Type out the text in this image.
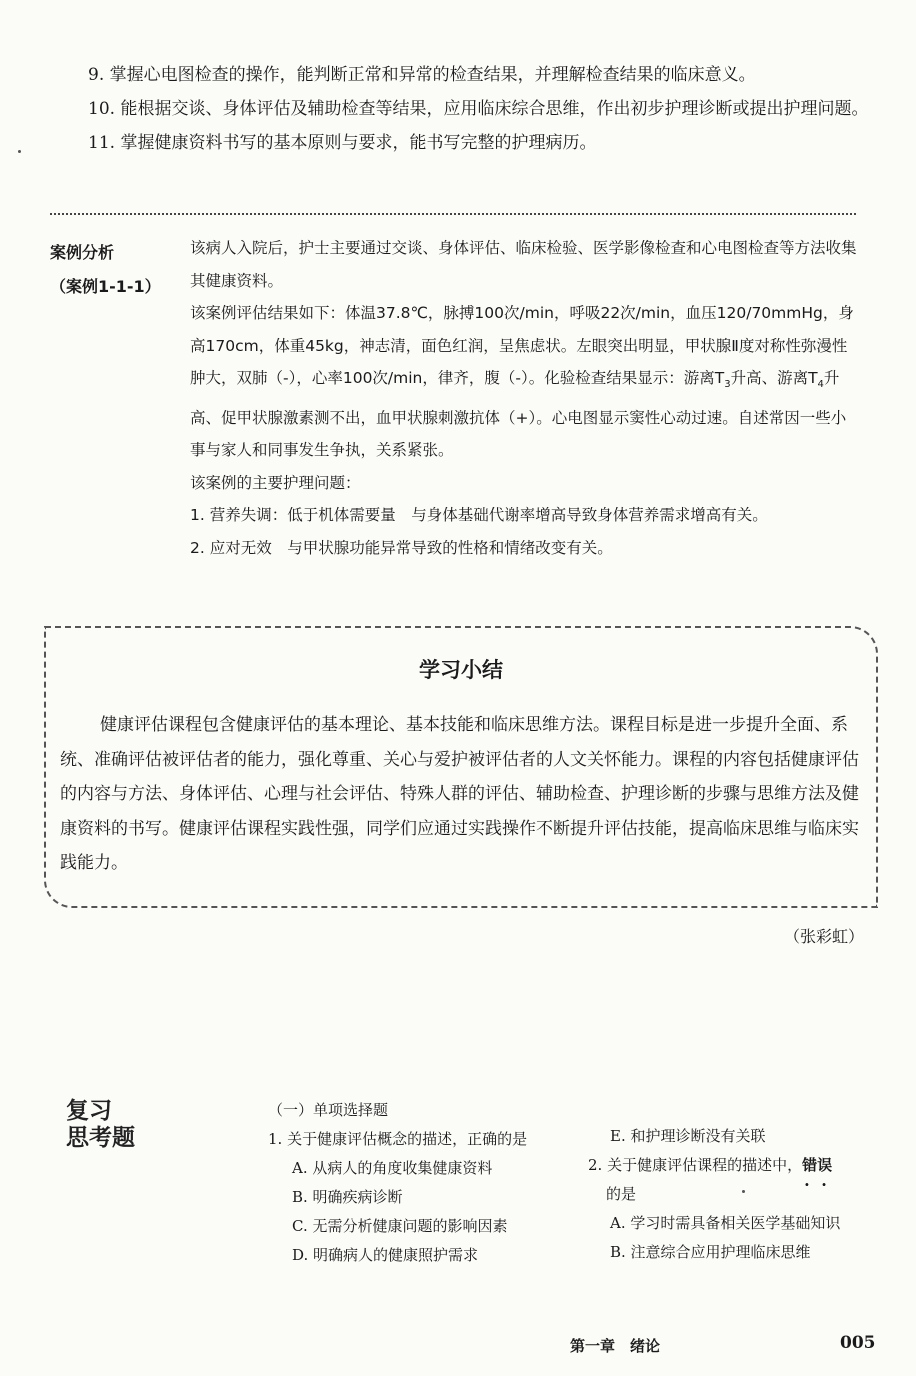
9. 掌握心电图检查的操作，能判断正常和异常的检查结果，并理解检查结果的临床意义。

10. 能根据交谈、身体评估及辅助检查等结果，应用临床综合思维，作出初步护理诊断或提出护理问题。

11. 掌握健康资料书写的基本原则与要求，能书写完整的护理病历。

案例分析
（案例1-1-1）

该病人入院后，护士主要通过交谈、身体评估、临床检验、医学影像检查和心电图检查等方法收集其健康资料。

该案例评估结果如下：体温37.8℃，脉搏100次/min，呼吸22次/min，血压120/70mmHg，身高170cm，体重45kg，神志清，面色红润，呈焦虑状。左眼突出明显，甲状腺Ⅱ度对称性弥漫性肿大，双肺（-），心率100次/min，律齐，腹（-）。化验检查结果显示：游离$T_3$升高、游离$T_4$升高、促甲状腺激素测不出，血甲状腺刺激抗体（+）。心电图显示窦性心动过速。自述常因一些小事与家人和同事发生争执，关系紧张。

该案例的主要护理问题：

1. 营养失调：低于机体需要量　与身体基础代谢率增高导致身体营养需求增高有关。

2. 应对无效　与甲状腺功能异常导致的性格和情绪改变有关。

学习小结

健康评估课程包含健康评估的基本理论、基本技能和临床思维方法。课程目标是进一步提升全面、系统、准确评估被评估者的能力，强化尊重、关心与爱护被评估者的人文关怀能力。课程的内容包括健康评估的内容与方法、身体评估、心理与社会评估、特殊人群的评估、辅助检查、护理诊断的步骤与思维方法及健康资料的书写。健康评估课程实践性强，同学们应通过实践操作不断提升评估技能，提高临床思维与临床实践能力。

（张彩虹）
复习
思考题
（一）单项选择题
1. 关于健康评估概念的描述，正确的是
A. 从病人的角度收集健康资料
B. 明确疾病诊断
C. 无需分析健康问题的影响因素
D. 明确病人的健康照护需求
E. 和护理诊断没有关联
2. 关于健康评估课程的描述中，错误 · ·
的是
A. 学习时需具备相关医学基础知识
B. 注意综合应用护理临床思维
第一章　绪论	005
